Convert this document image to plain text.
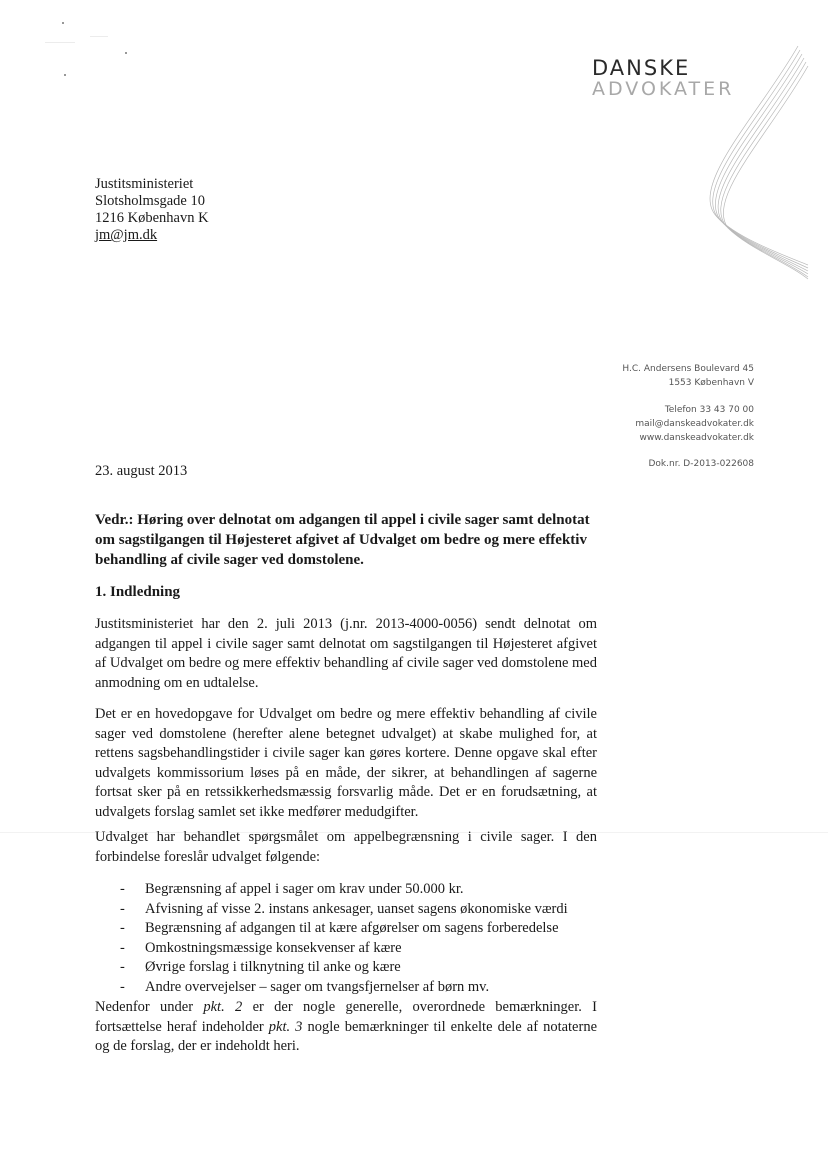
DANSKE
ADVOKATER
Justitsministeriet
Slotsholmsgade 10
1216 København K
jm@jm.dk
H.C. Andersens Boulevard 45
1553 København V
Telefon 33 43 70 00
mail@danskeadvokater.dk
www.danskeadvokater.dk
Dok.nr. D-2013-022608
23. august 2013
Vedr.: Høring over delnotat om adgangen til appel i civile sager samt delnotat om sagstilgangen til Højesteret afgivet af Udvalget om bedre og mere effektiv behandling af civile sager ved domstolene.
1. Indledning
Justitsministeriet har den 2. juli 2013 (j.nr. 2013-4000-0056) sendt delnotat om adgangen til appel i civile sager samt delnotat om sagstilgangen til Højesteret afgivet af Udvalget om bedre og mere effektiv behandling af civile sager ved domstolene med anmodning om en udtalelse.
Det er en hovedopgave for Udvalget om bedre og mere effektiv behandling af civile sager ved domstolene (herefter alene betegnet udvalget) at skabe mulighed for, at rettens sagsbehandlingstider i civile sager kan gøres kortere. Denne opgave skal efter udvalgets kommissorium løses på en måde, der sikrer, at behandlingen af sagerne fortsat sker på en retssikkerhedsmæssig forsvarlig måde. Det er en forudsætning, at udvalgets forslag samlet set ikke medfører medudgifter.
Udvalget har behandlet spørgsmålet om appelbegrænsning i civile sager. I den forbindelse foreslår udvalget følgende:
- Begrænsning af appel i sager om krav under 50.000 kr.
- Afvisning af visse 2. instans ankesager, uanset sagens økonomiske værdi
- Begrænsning af adgangen til at kære afgørelser om sagens forberedelse
- Omkostningsmæssige konsekvenser af kære
- Øvrige forslag i tilknytning til anke og kære
- Andre overvejelser – sager om tvangsfjernelser af børn mv.
Nedenfor under pkt. 2 er der nogle generelle, overordnede bemærkninger. I fortsættelse heraf indeholder pkt. 3 nogle bemærkninger til enkelte dele af notaterne og de forslag, der er indeholdt heri.
